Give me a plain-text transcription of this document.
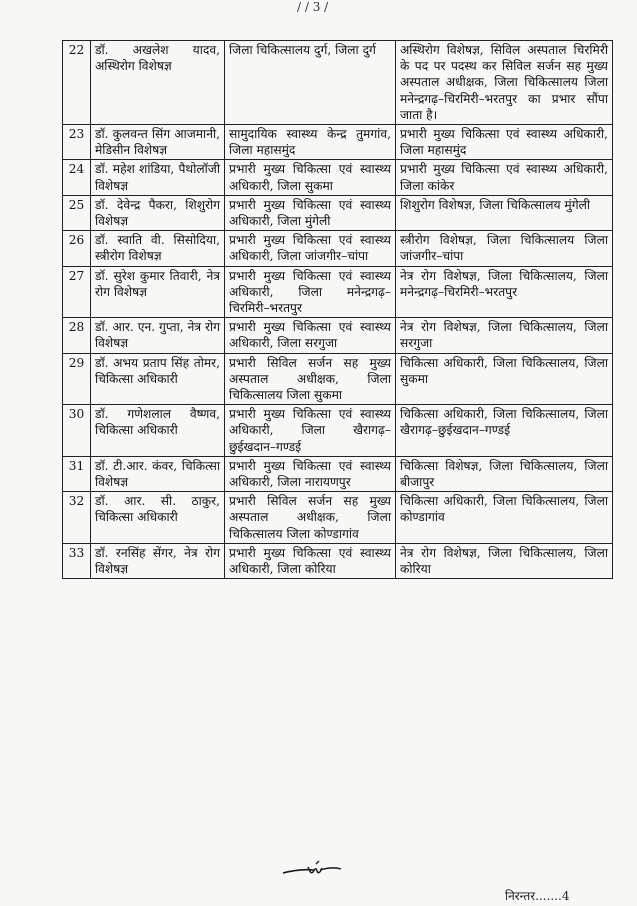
/ / 3 /
22	डॉ. अखलेश यादव, अस्थिरोग विशेषज्ञ	जिला चिकित्सालय दुर्ग, जिला दुर्ग	अस्थिरोग विशेषज्ञ, सिविल अस्पताल चिरमिरी के पद पर पदस्थ कर सिविल सर्जन सह मुख्य अस्पताल अधीक्षक, जिला चिकित्सालय जिला मनेन्द्रगढ़–चिरमिरी–भरतपुर का प्रभार सौंपा जाता है।
23	डॉ. कुलवन्त सिंग आजमानी, मेडिसीन विशेषज्ञ	सामुदायिक स्वास्थ्य केन्द्र तुमगांव, जिला महासमुंद	प्रभारी मुख्य चिकित्सा एवं स्वास्थ्य अधिकारी, जिला महासमुंद
24	डॉ. महेश शांडिया, पैथोलॉजी विशेषज्ञ	प्रभारी मुख्य चिकित्सा एवं स्वास्थ्य अधिकारी, जिला सुकमा	प्रभारी मुख्य चिकित्सा एवं स्वास्थ्य अधिकारी, जिला कांकेर
25	डॉ. देवेन्द्र पैकरा, शिशुरोग विशेषज्ञ	प्रभारी मुख्य चिकित्सा एवं स्वास्थ्य अधिकारी, जिला मुंगेली	शिशुरोग विशेषज्ञ, जिला चिकित्सालय मुंगेली
26	डॉ. स्वाति वी. सिसोदिया, स्त्रीरोग विशेषज्ञ	प्रभारी मुख्य चिकित्सा एवं स्वास्थ्य अधिकारी, जिला जांजगीर–चांपा	स्त्रीरोग विशेषज्ञ, जिला चिकित्सालय जिला जांजगीर–चांपा
27	डॉ. सुरेश कुमार तिवारी, नेत्र रोग विशेषज्ञ	प्रभारी मुख्य चिकित्सा एवं स्वास्थ्य अधिकारी, जिला मनेन्द्रगढ़– चिरमिरी–भरतपुर	नेत्र रोग विशेषज्ञ, जिला चिकित्सालय, जिला मनेन्द्रगढ़–चिरमिरी–भरतपुर
28	डॉ. आर. एन. गुप्ता, नेत्र रोग विशेषज्ञ	प्रभारी मुख्य चिकित्सा एवं स्वास्थ्य अधिकारी, जिला सरगुजा	नेत्र रोग विशेषज्ञ, जिला चिकित्सालय, जिला सरगुजा
29	डॉ. अभय प्रताप सिंह तोमर, चिकित्सा अधिकारी	प्रभारी सिविल सर्जन सह मुख्य अस्पताल अधीक्षक, जिला चिकित्सालय जिला सुकमा	चिकित्सा अधिकारी, जिला चिकित्सालय, जिला सुकमा
30	डॉ. गणेशलाल वैष्णव, चिकित्सा अधिकारी	प्रभारी मुख्य चिकित्सा एवं स्वास्थ्य अधिकारी, जिला खैरागढ़– छुईखदान–गण्डई	चिकित्सा अधिकारी, जिला चिकित्सालय, जिला खैरागढ़–छुईखदान–गण्डई
31	डॉ. टी.आर. कंवर, चिकित्सा विशेषज्ञ	प्रभारी मुख्य चिकित्सा एवं स्वास्थ्य अधिकारी, जिला नारायणपुर	चिकित्सा विशेषज्ञ, जिला चिकित्सालय, जिला बीजापुर
32	डॉ. आर. सी. ठाकुर, चिकित्सा अधिकारी	प्रभारी सिविल सर्जन सह मुख्य अस्पताल अधीक्षक, जिला चिकित्सालय जिला कोण्डागांव	चिकित्सा अधिकारी, जिला चिकित्सालय, जिला कोण्डागांव
33	डॉ. रनसिंह सेंगर, नेत्र रोग विशेषज्ञ	प्रभारी मुख्य चिकित्सा एवं स्वास्थ्य अधिकारी, जिला कोरिया	नेत्र रोग विशेषज्ञ, जिला चिकित्सालय, जिला कोरिया
निरन्तर.......4
